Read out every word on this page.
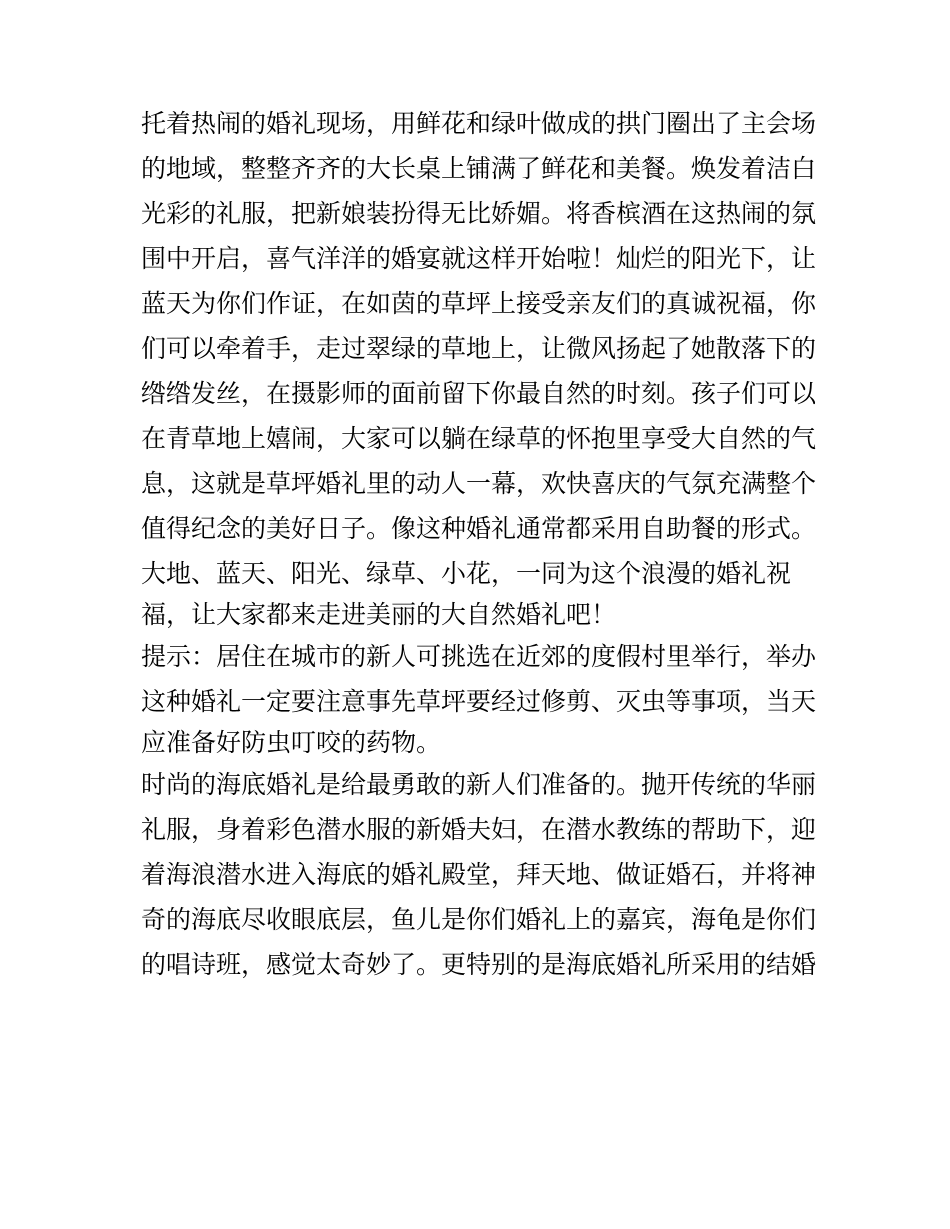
托着热闹的婚礼现场，用鲜花和绿叶做成的拱门圈出了主会场
的地域，整整齐齐的大长桌上铺满了鲜花和美餐。焕发着洁白
光彩的礼服，把新娘装扮得无比娇媚。将香槟酒在这热闹的氛
围中开启，喜气洋洋的婚宴就这样开始啦！灿烂的阳光下，让
蓝天为你们作证，在如茵的草坪上接受亲友们的真诚祝福，你
们可以牵着手，走过翠绿的草地上，让微风扬起了她散落下的
绺绺发丝，在摄影师的面前留下你最自然的时刻。孩子们可以
在青草地上嬉闹，大家可以躺在绿草的怀抱里享受大自然的气
息，这就是草坪婚礼里的动人一幕，欢快喜庆的气氛充满整个
值得纪念的美好日子。像这种婚礼通常都采用自助餐的形式。
大地、蓝天、阳光、绿草、小花，一同为这个浪漫的婚礼祝
福，让大家都来走进美丽的大自然婚礼吧！
提示：居住在城市的新人可挑选在近郊的度假村里举行，举办
这种婚礼一定要注意事先草坪要经过修剪、灭虫等事项，当天
应准备好防虫叮咬的药物。
时尚的海底婚礼是给最勇敢的新人们准备的。抛开传统的华丽
礼服，身着彩色潜水服的新婚夫妇，在潜水教练的帮助下，迎
着海浪潜水进入海底的婚礼殿堂，拜天地、做证婚石，并将神
奇的海底尽收眼底层，鱼儿是你们婚礼上的嘉宾，海龟是你们
的唱诗班，感觉太奇妙了。更特别的是海底婚礼所采用的结婚
